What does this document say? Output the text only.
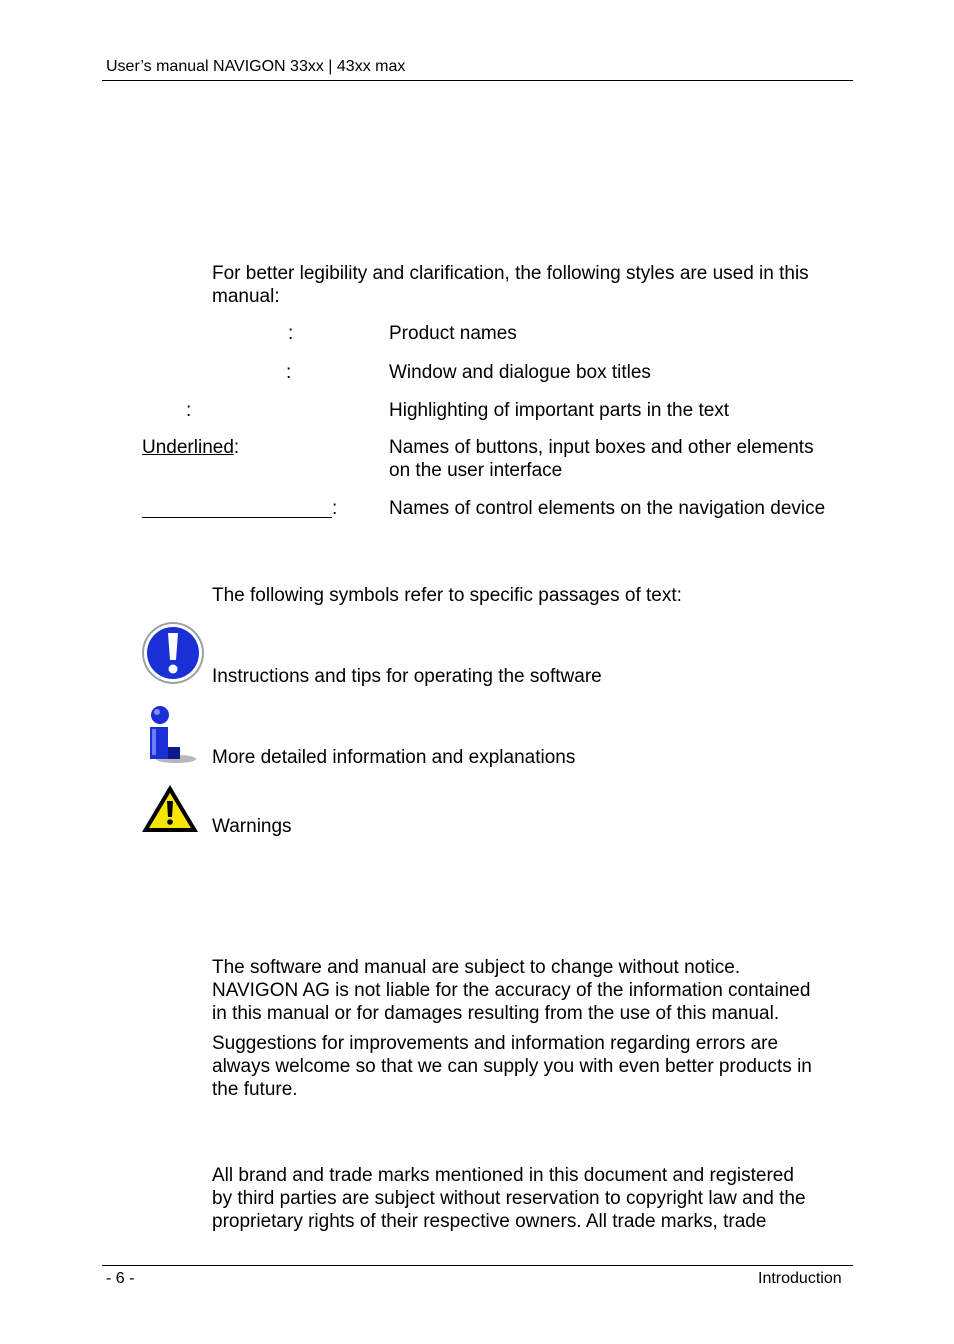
User’s manual NAVIGON 33xx | 43xx max
For better legibility and clarification, the following styles are used in this
manual:
:	Product names
:	Window and dialogue box titles
:	Highlighting of important parts in the text
Underlined:	Names of buttons, input boxes and other elements
on the user interface
:	Names of control elements on the navigation device
The following symbols refer to specific passages of text:
Instructions and tips for operating the software
More detailed information and explanations
Warnings
The software and manual are subject to change without notice.
NAVIGON AG is not liable for the accuracy of the information contained
in this manual or for damages resulting from the use of this manual.
Suggestions for improvements and information regarding errors are
always welcome so that we can supply you with even better products in
the future.
All brand and trade marks mentioned in this document and registered
by third parties are subject without reservation to copyright law and the
proprietary rights of their respective owners. All trade marks, trade
- 6 -	Introduction
